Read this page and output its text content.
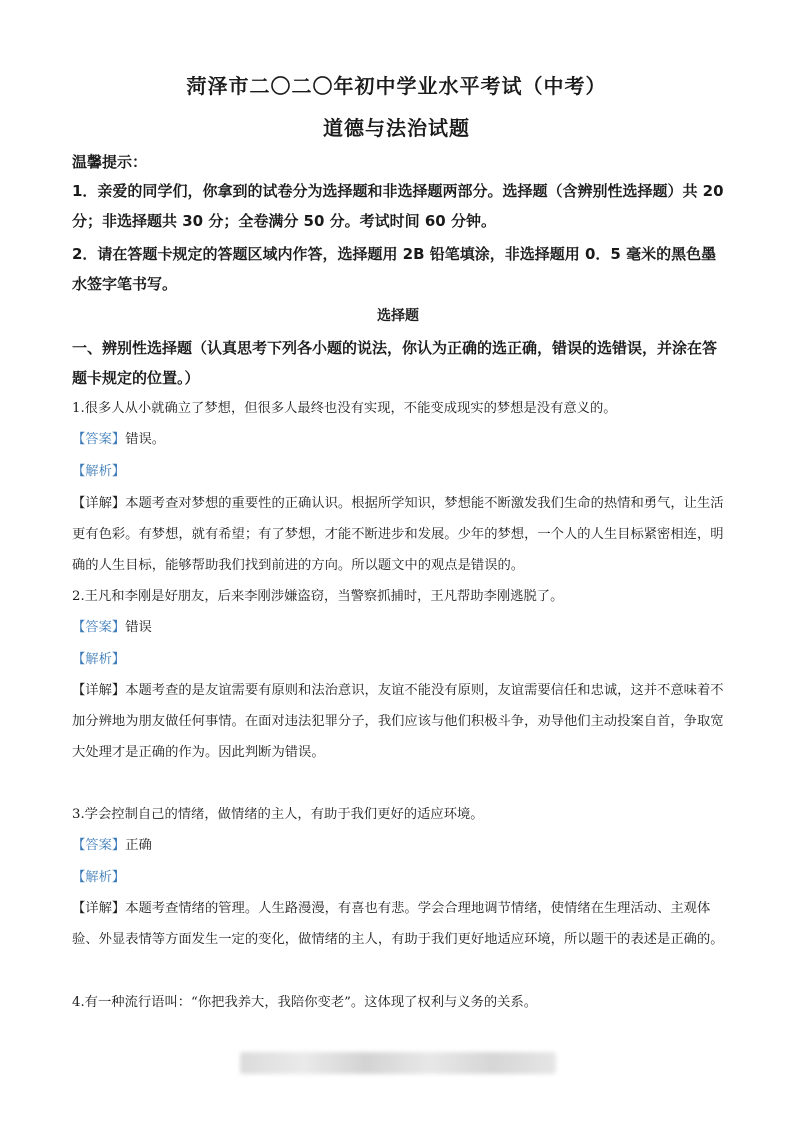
菏泽市二〇二〇年初中学业水平考试（中考）
道德与法治试题
温馨提示：
1．亲爱的同学们，你拿到的试卷分为选择题和非选择题两部分。选择题（含辨别性选择题）共 20 分；非选择题共 30 分；全卷满分 50 分。考试时间 60 分钟。
2．请在答题卡规定的答题区域内作答，选择题用 2B 铅笔填涂，非选择题用 0．5 毫米的黑色墨水签字笔书写。
选择题
一、辨别性选择题（认真思考下列各小题的说法，你认为正确的选正确，错误的选错误，并涂在答题卡规定的位置。）
1.很多人从小就确立了梦想，但很多人最终也没有实现，不能变成现实的梦想是没有意义的。
【答案】错误。
【解析】
【详解】本题考查对梦想的重要性的正确认识。根据所学知识，梦想能不断激发我们生命的热情和勇气，让生活更有色彩。有梦想，就有希望；有了梦想，才能不断进步和发展。少年的梦想，一个人的人生目标紧密相连，明确的人生目标，能够帮助我们找到前进的方向。所以题文中的观点是错误的。
2.王凡和李刚是好朋友，后来李刚涉嫌盗窃，当警察抓捕时，王凡帮助李刚逃脱了。
【答案】错误
【解析】
【详解】本题考查的是友谊需要有原则和法治意识，友谊不能没有原则，友谊需要信任和忠诚，这并不意味着不加分辨地为朋友做任何事情。在面对违法犯罪分子，我们应该与他们积极斗争，劝导他们主动投案自首，争取宽大处理才是正确的作为。因此判断为错误。
3.学会控制自己的情绪，做情绪的主人，有助于我们更好的适应环境。
【答案】正确
【解析】
【详解】本题考查情绪的管理。人生路漫漫，有喜也有悲。学会合理地调节情绪，使情绪在生理活动、主观体验、外显表情等方面发生一定的变化，做情绪的主人，有助于我们更好地适应环境，所以题干的表述是正确的。
4.有一种流行语叫：“你把我养大，我陪你变老”。这体现了权利与义务的关系。
